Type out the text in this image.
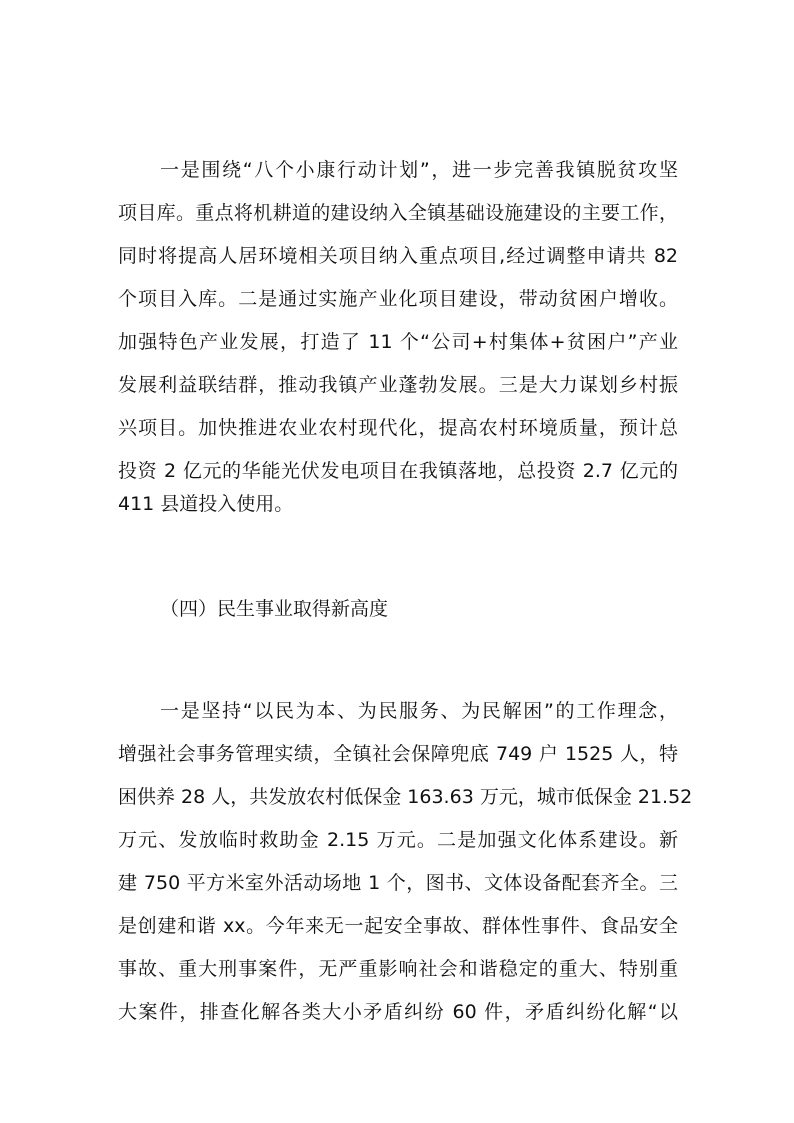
一是围绕“八个小康行动计划”，进一步完善我镇脱贫攻坚
项目库。重点将机耕道的建设纳入全镇基础设施建设的主要工作，
同时将提高人居环境相关项目纳入重点项目,经过调整申请共 82
个项目入库。二是通过实施产业化项目建设，带动贫困户增收。
加强特色产业发展，打造了 11 个“公司+村集体+贫困户”产业
发展利益联结群，推动我镇产业蓬勃发展。三是大力谋划乡村振
兴项目。加快推进农业农村现代化，提高农村环境质量，预计总
投资 2 亿元的华能光伏发电项目在我镇落地，总投资 2.7 亿元的
411 县道投入使用。
（四）民生事业取得新高度
一是坚持“以民为本、为民服务、为民解困”的工作理念，
增强社会事务管理实绩，全镇社会保障兜底 749 户 1525 人，特
困供养 28 人，共发放农村低保金 163.63 万元，城市低保金 21.52
万元、发放临时救助金 2.15 万元。二是加强文化体系建设。新
建 750 平方米室外活动场地 1 个，图书、文体设备配套齐全。三
是创建和谐 xx。今年来无一起安全事故、群体性事件、食品安全
事故、重大刑事案件，无严重影响社会和谐稳定的重大、特别重
大案件，排查化解各类大小矛盾纠纷 60 件，矛盾纠纷化解“以
